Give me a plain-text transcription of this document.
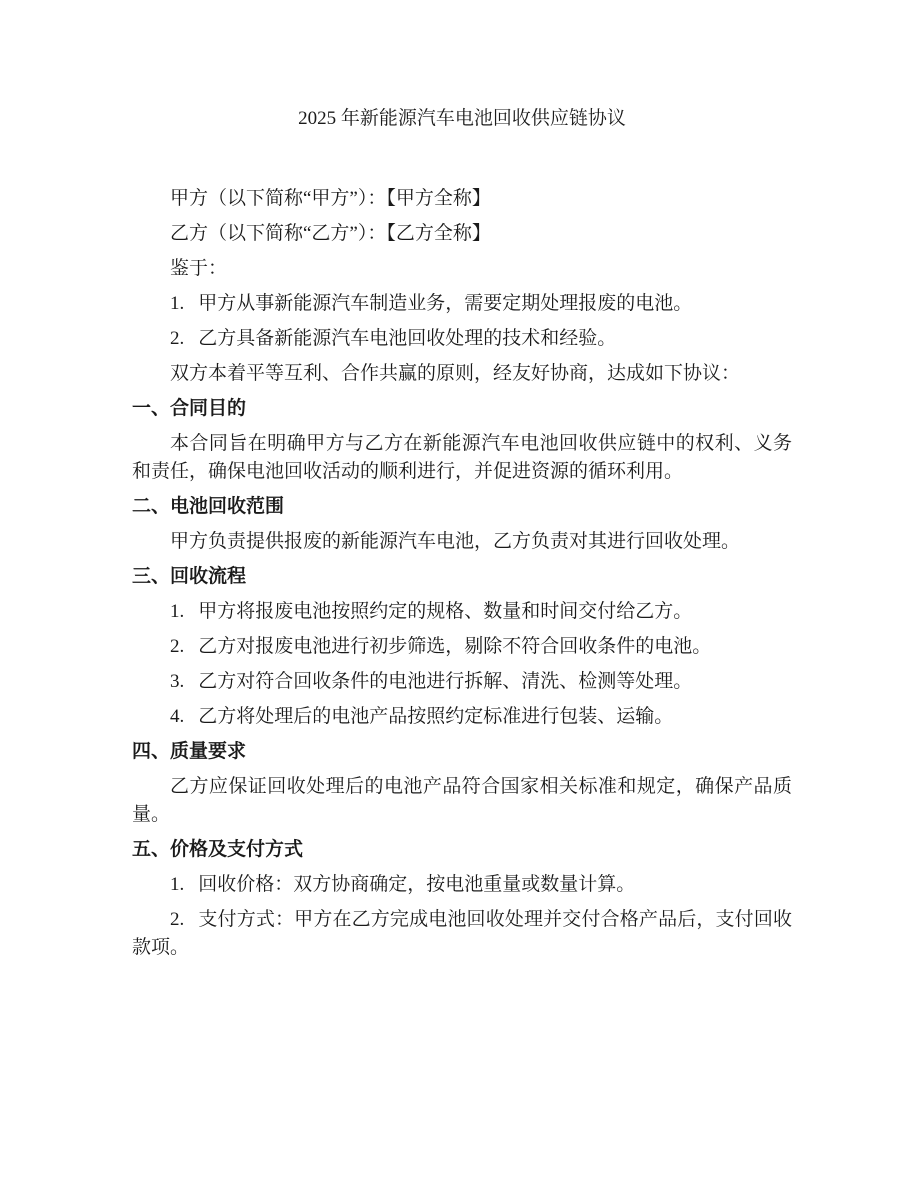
2025 年新能源汽车电池回收供应链协议

甲方（以下简称“甲方”）：【甲方全称】

乙方（以下简称“乙方”）：【乙方全称】

鉴于：

1. 甲方从事新能源汽车制造业务，需要定期处理报废的电池。

2. 乙方具备新能源汽车电池回收处理的技术和经验。

双方本着平等互利、合作共赢的原则，经友好协商，达成如下协议：

一、合同目的

本合同旨在明确甲方与乙方在新能源汽车电池回收供应链中的权利、义务和责任，确保电池回收活动的顺利进行，并促进资源的循环利用。

二、电池回收范围

甲方负责提供报废的新能源汽车电池，乙方负责对其进行回收处理。

三、回收流程

1. 甲方将报废电池按照约定的规格、数量和时间交付给乙方。

2. 乙方对报废电池进行初步筛选，剔除不符合回收条件的电池。

3. 乙方对符合回收条件的电池进行拆解、清洗、检测等处理。

4. 乙方将处理后的电池产品按照约定标准进行包装、运输。

四、质量要求

乙方应保证回收处理后的电池产品符合国家相关标准和规定，确保产品质量。

五、价格及支付方式

1. 回收价格：双方协商确定，按电池重量或数量计算。

2. 支付方式：甲方在乙方完成电池回收处理并交付合格产品后，支付回收款项。
